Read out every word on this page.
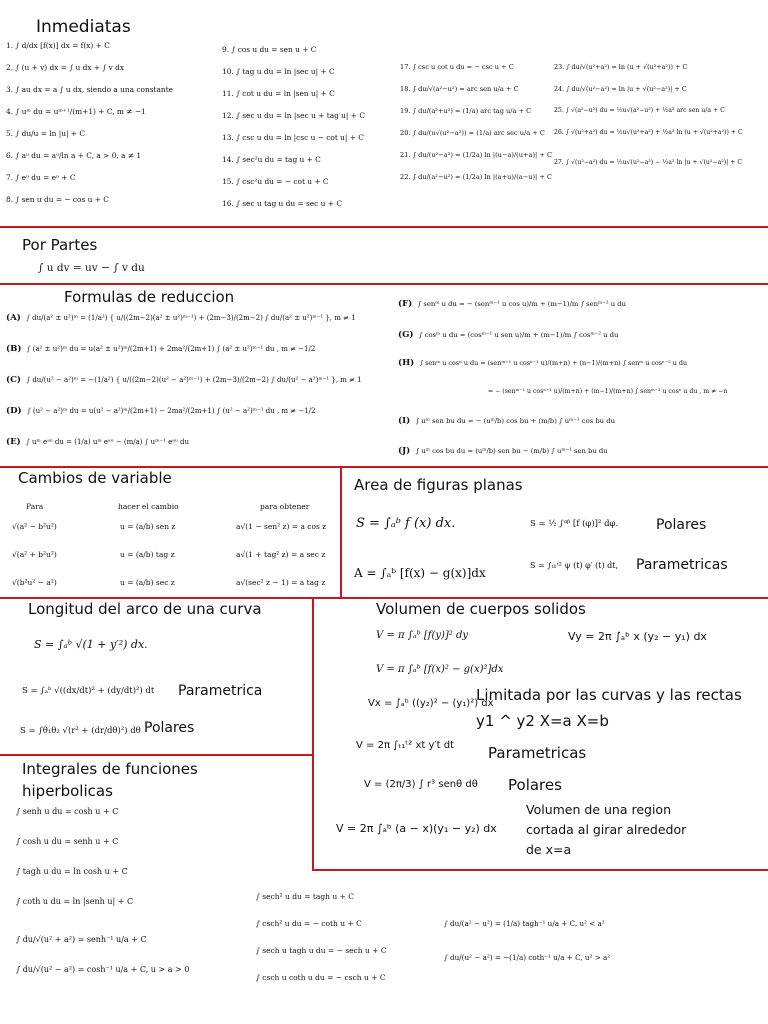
Inmediatas
1. ∫ d/dx [f(x)] dx = f(x) + C
2. ∫ (u + v) dx = ∫ u dx + ∫ v dx
3. ∫ au dx = a ∫ u dx, siendo a una constante
4. ∫ uᵐ du = uᵐ⁺¹/(m+1) + C, m ≠ −1
5. ∫ du/u = ln |u| + C
6. ∫ aᵘ du = aᵘ/ln a + C, a > 0, a ≠ 1
7. ∫ eᵘ du = eᵘ + C
8. ∫ sen u du = − cos u + C
9. ∫ cos u du = sen u + C
10. ∫ tag u du = ln |sec u| + C
11. ∫ cot u du = ln |sen u| + C
12. ∫ sec u du = ln |sec u + tag u| + C
13. ∫ csc u du = ln |csc u − cot u| + C
14. ∫ sec²u du = tag u + C
15. ∫ csc²u du = − cot u + C
16. ∫ sec u tag u du = sec u + C
17. ∫ csc u cot u du = − csc u + C
18. ∫ du/√(a²−u²) = arc sen u/a + C
19. ∫ du/(a²+u²) = (1/a) arc tag u/a + C
20. ∫ du/(u√(u²−a²)) = (1/a) arc sec u/a + C
21. ∫ du/(u²−a²) = (1/2a) ln |(u−a)/(u+a)| + C
22. ∫ du/(a²−u²) = (1/2a) ln |(a+u)/(a−u)| + C
23. ∫ du/√(u²+a²) = ln (u + √(u²+a²)) + C
24. ∫ du/√(u²−a²) = ln |u + √(u²−a²)| + C
25. ∫ √(a²−u²) du = ½u√(a²−u²) + ½a² arc sen u/a + C
26. ∫ √(u²+a²) du = ½u√(u²+a²) + ½a² ln (u + √(u²+a²)) + C
27. ∫ √(u²−a²) du = ½u√(u²−a²) − ½a² ln |u + √(u²−a²)| + C
Por Partes
∫ u dv = uv − ∫ v du
Formulas de reduccion
(A) ∫ du/(a² ± u²)ᵐ = (1/a²) { u/((2m−2)(a² ± u²)ᵐ⁻¹) + (2m−3)/(2m−2) ∫ du/(a² ± u²)ᵐ⁻¹ }, m ≠ 1
(B) ∫ (a² ± u²)ᵐ du = u(a² ± u²)ᵐ/(2m+1) + 2ma²/(2m+1) ∫ (a² ± u²)ᵐ⁻¹ du , m ≠ −1/2
(C) ∫ du/(u² − a²)ᵐ = −(1/a²) { u/((2m−2)(u² − a²)ᵐ⁻¹) + (2m−3)/(2m−2) ∫ du/(u² − a²)ᵐ⁻¹ }, m ≠ 1
(D) ∫ (u² − a²)ᵐ du = u(u² − a²)ᵐ/(2m+1) − 2ma²/(2m+1) ∫ (u² − a²)ᵐ⁻¹ du , m ≠ −1/2
(E) ∫ uᵐ eᵃᵘ du = (1/a) uᵐ eᵃᵘ − (m/a) ∫ uᵐ⁻¹ eᵃᵘ du
(F) ∫ senᵐ u du = − (senᵐ⁻¹ u cos u)/m + (m−1)/m ∫ senᵐ⁻² u du
(G) ∫ cosᵐ u du = (cosᵐ⁻¹ u sen u)/m + (m−1)/m ∫ cosᵐ⁻² u du
(H) ∫ senᵐ u cosⁿ u du = (senᵐ⁺¹ u cosⁿ⁻¹ u)/(m+n) + (n−1)/(m+n) ∫ senᵐ u cosⁿ⁻² u du
= − (senᵐ⁻¹ u cosⁿ⁺¹ u)/(m+n) + (m−1)/(m+n) ∫ senᵐ⁻² u cosⁿ u du , m ≠ −n
(I) ∫ uᵐ sen bu du = − (uᵐ/b) cos bu + (m/b) ∫ uᵐ⁻¹ cos bu du
(J) ∫ uᵐ cos bu du = (uᵐ/b) sen bu − (m/b) ∫ uᵐ⁻¹ sen bu du
Cambios de variable
Para	hacer el cambio	para obtener
√(a² − b²u²)	u = (a/b) sen z	a√(1 − sen² z) = a cos z
√(a² + b²u²)	u = (a/b) tag z	a√(1 + tag² z) = a sec z
√(b²u² − a²)	u = (a/b) sec z	a√(sec² z − 1) = a tag z
Area de figuras planas
S = ∫ₐᵇ f (x) dx.
A = ∫ₐᵇ [f(x) − g(x)]dx
S = ½ ∫ᵅᵝ [f (φ)]² dφ.	Polares
S = ∫ₜ₁ᵗ² ψ (t) φ′ (t) dt, Parametricas
Longitud del arco de una curva
S = ∫ₐᵇ √(1 + y′²) dx.
S = ∫ₐᵇ √((dx/dt)² + (dy/dt)²) dt Parametrica
S = ∫θ₁θ₂ √(r² + (dr/dθ)²) dθ Polares
Volumen de cuerpos solidos
V = π ∫ₐᵇ [f(y)]² dy
V = π ∫ₐᵇ [f(x)² − g(x)²]dx
Vy = 2π ∫ₐᵇ x (y₂ − y₁) dx
Vx = ∫ₐᵇ ((y₂)² − (y₁)²) dx
Limitada por las curvas y las rectas
y1 ^ y2 X=a X=b
V = 2π ∫ₜ₁ᵗ² xt y′t dt Parametricas
V = (2π/3) ∫ r³ senθ dθ Polares
Volumen de una region
cortada al girar alrededor
de x=a
V = 2π ∫ₐᵇ (a − x)(y₁ − y₂) dx
Integrales de funciones
hiperbolicas
∫ senh u du = cosh u + C
∫ cosh u du = senh u + C
∫ tagh u du = ln cosh u + C
∫ coth u du = ln |senh u| + C
∫ du/√(u² + a²) = senh⁻¹ u/a + C
∫ du/√(u² − a²) = cosh⁻¹ u/a + C, u > a > 0
∫ sech² u du = tagh u + C
∫ csch² u du = − coth u + C
∫ sech u tagh u du = − sech u + C
∫ csch u coth u du = − csch u + C
∫ du/(a² − u²) = (1/a) tagh⁻¹ u/a + C, u² < a²
∫ du/(u² − a²) = −(1/a) coth⁻¹ u/a + C, u² > a²
